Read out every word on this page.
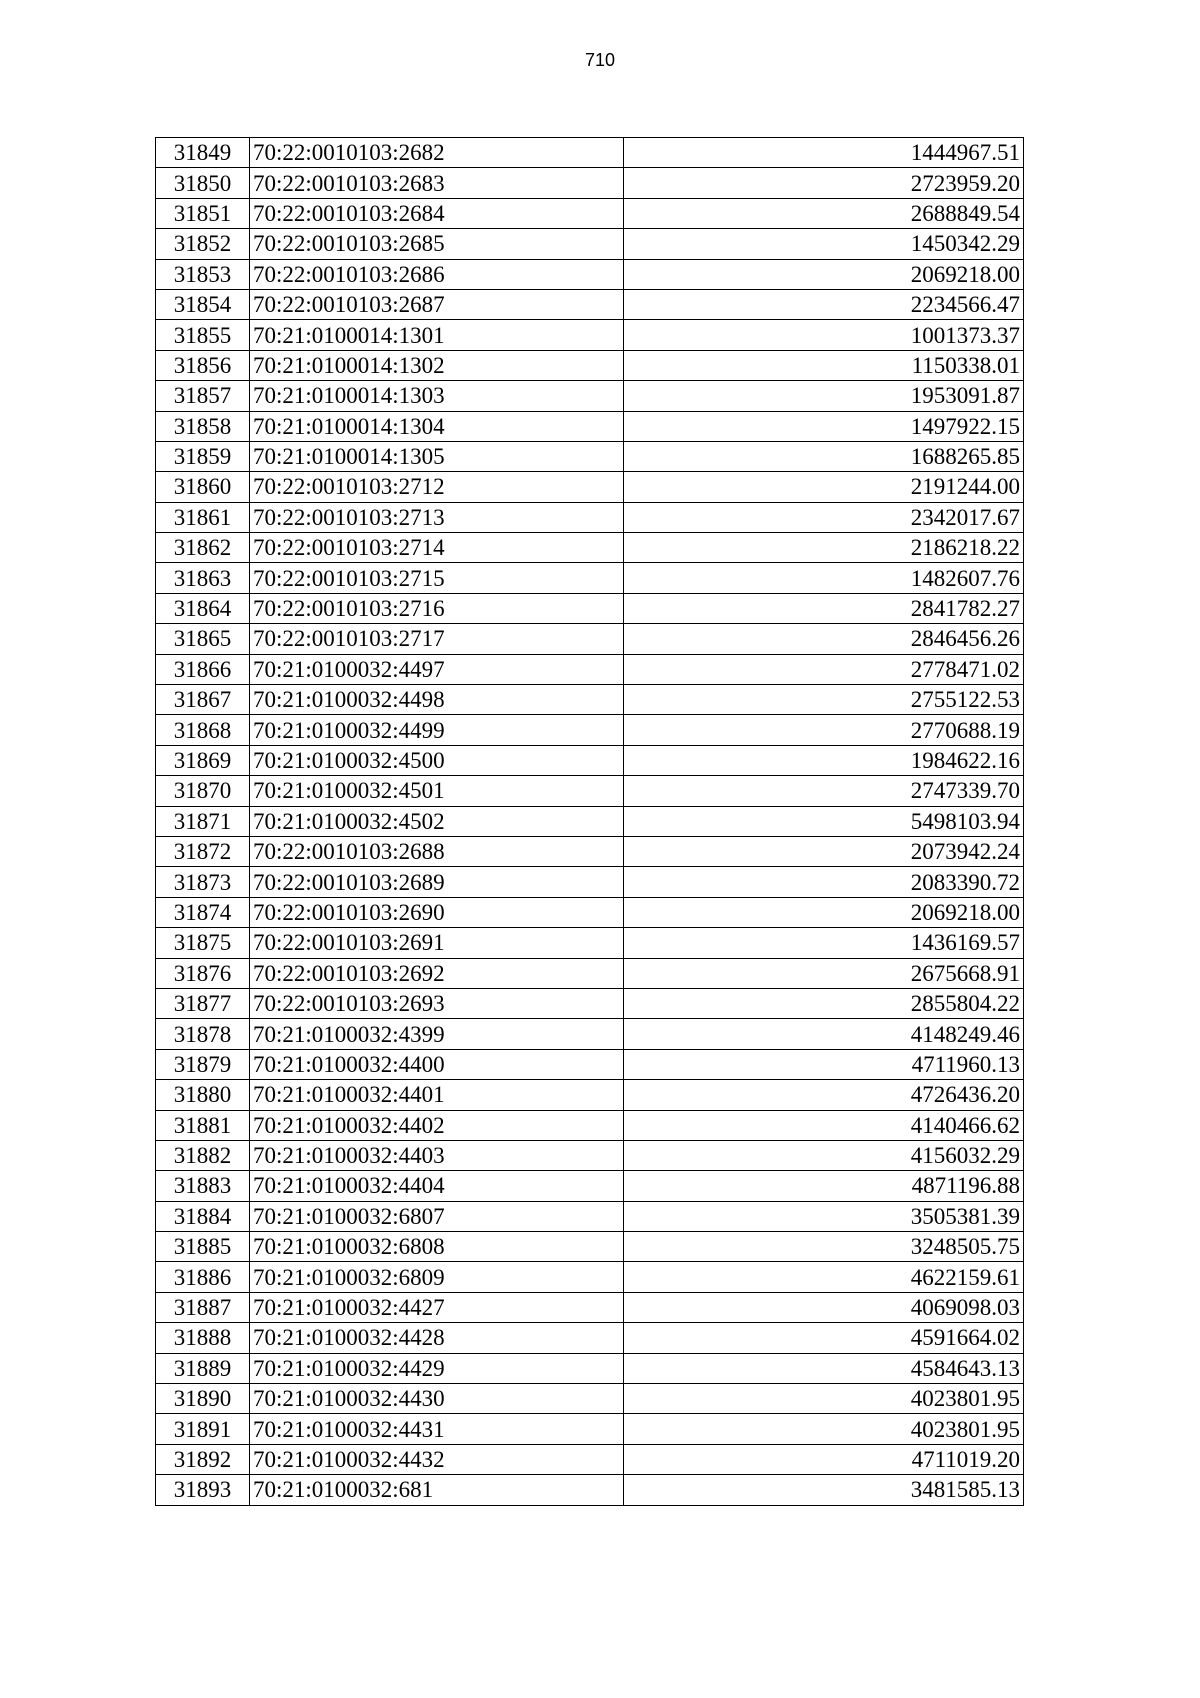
710
31849	70:22:0010103:2682	1444967.51
31850	70:22:0010103:2683	2723959.20
31851	70:22:0010103:2684	2688849.54
31852	70:22:0010103:2685	1450342.29
31853	70:22:0010103:2686	2069218.00
31854	70:22:0010103:2687	2234566.47
31855	70:21:0100014:1301	1001373.37
31856	70:21:0100014:1302	1150338.01
31857	70:21:0100014:1303	1953091.87
31858	70:21:0100014:1304	1497922.15
31859	70:21:0100014:1305	1688265.85
31860	70:22:0010103:2712	2191244.00
31861	70:22:0010103:2713	2342017.67
31862	70:22:0010103:2714	2186218.22
31863	70:22:0010103:2715	1482607.76
31864	70:22:0010103:2716	2841782.27
31865	70:22:0010103:2717	2846456.26
31866	70:21:0100032:4497	2778471.02
31867	70:21:0100032:4498	2755122.53
31868	70:21:0100032:4499	2770688.19
31869	70:21:0100032:4500	1984622.16
31870	70:21:0100032:4501	2747339.70
31871	70:21:0100032:4502	5498103.94
31872	70:22:0010103:2688	2073942.24
31873	70:22:0010103:2689	2083390.72
31874	70:22:0010103:2690	2069218.00
31875	70:22:0010103:2691	1436169.57
31876	70:22:0010103:2692	2675668.91
31877	70:22:0010103:2693	2855804.22
31878	70:21:0100032:4399	4148249.46
31879	70:21:0100032:4400	4711960.13
31880	70:21:0100032:4401	4726436.20
31881	70:21:0100032:4402	4140466.62
31882	70:21:0100032:4403	4156032.29
31883	70:21:0100032:4404	4871196.88
31884	70:21:0100032:6807	3505381.39
31885	70:21:0100032:6808	3248505.75
31886	70:21:0100032:6809	4622159.61
31887	70:21:0100032:4427	4069098.03
31888	70:21:0100032:4428	4591664.02
31889	70:21:0100032:4429	4584643.13
31890	70:21:0100032:4430	4023801.95
31891	70:21:0100032:4431	4023801.95
31892	70:21:0100032:4432	4711019.20
31893	70:21:0100032:681	3481585.13
